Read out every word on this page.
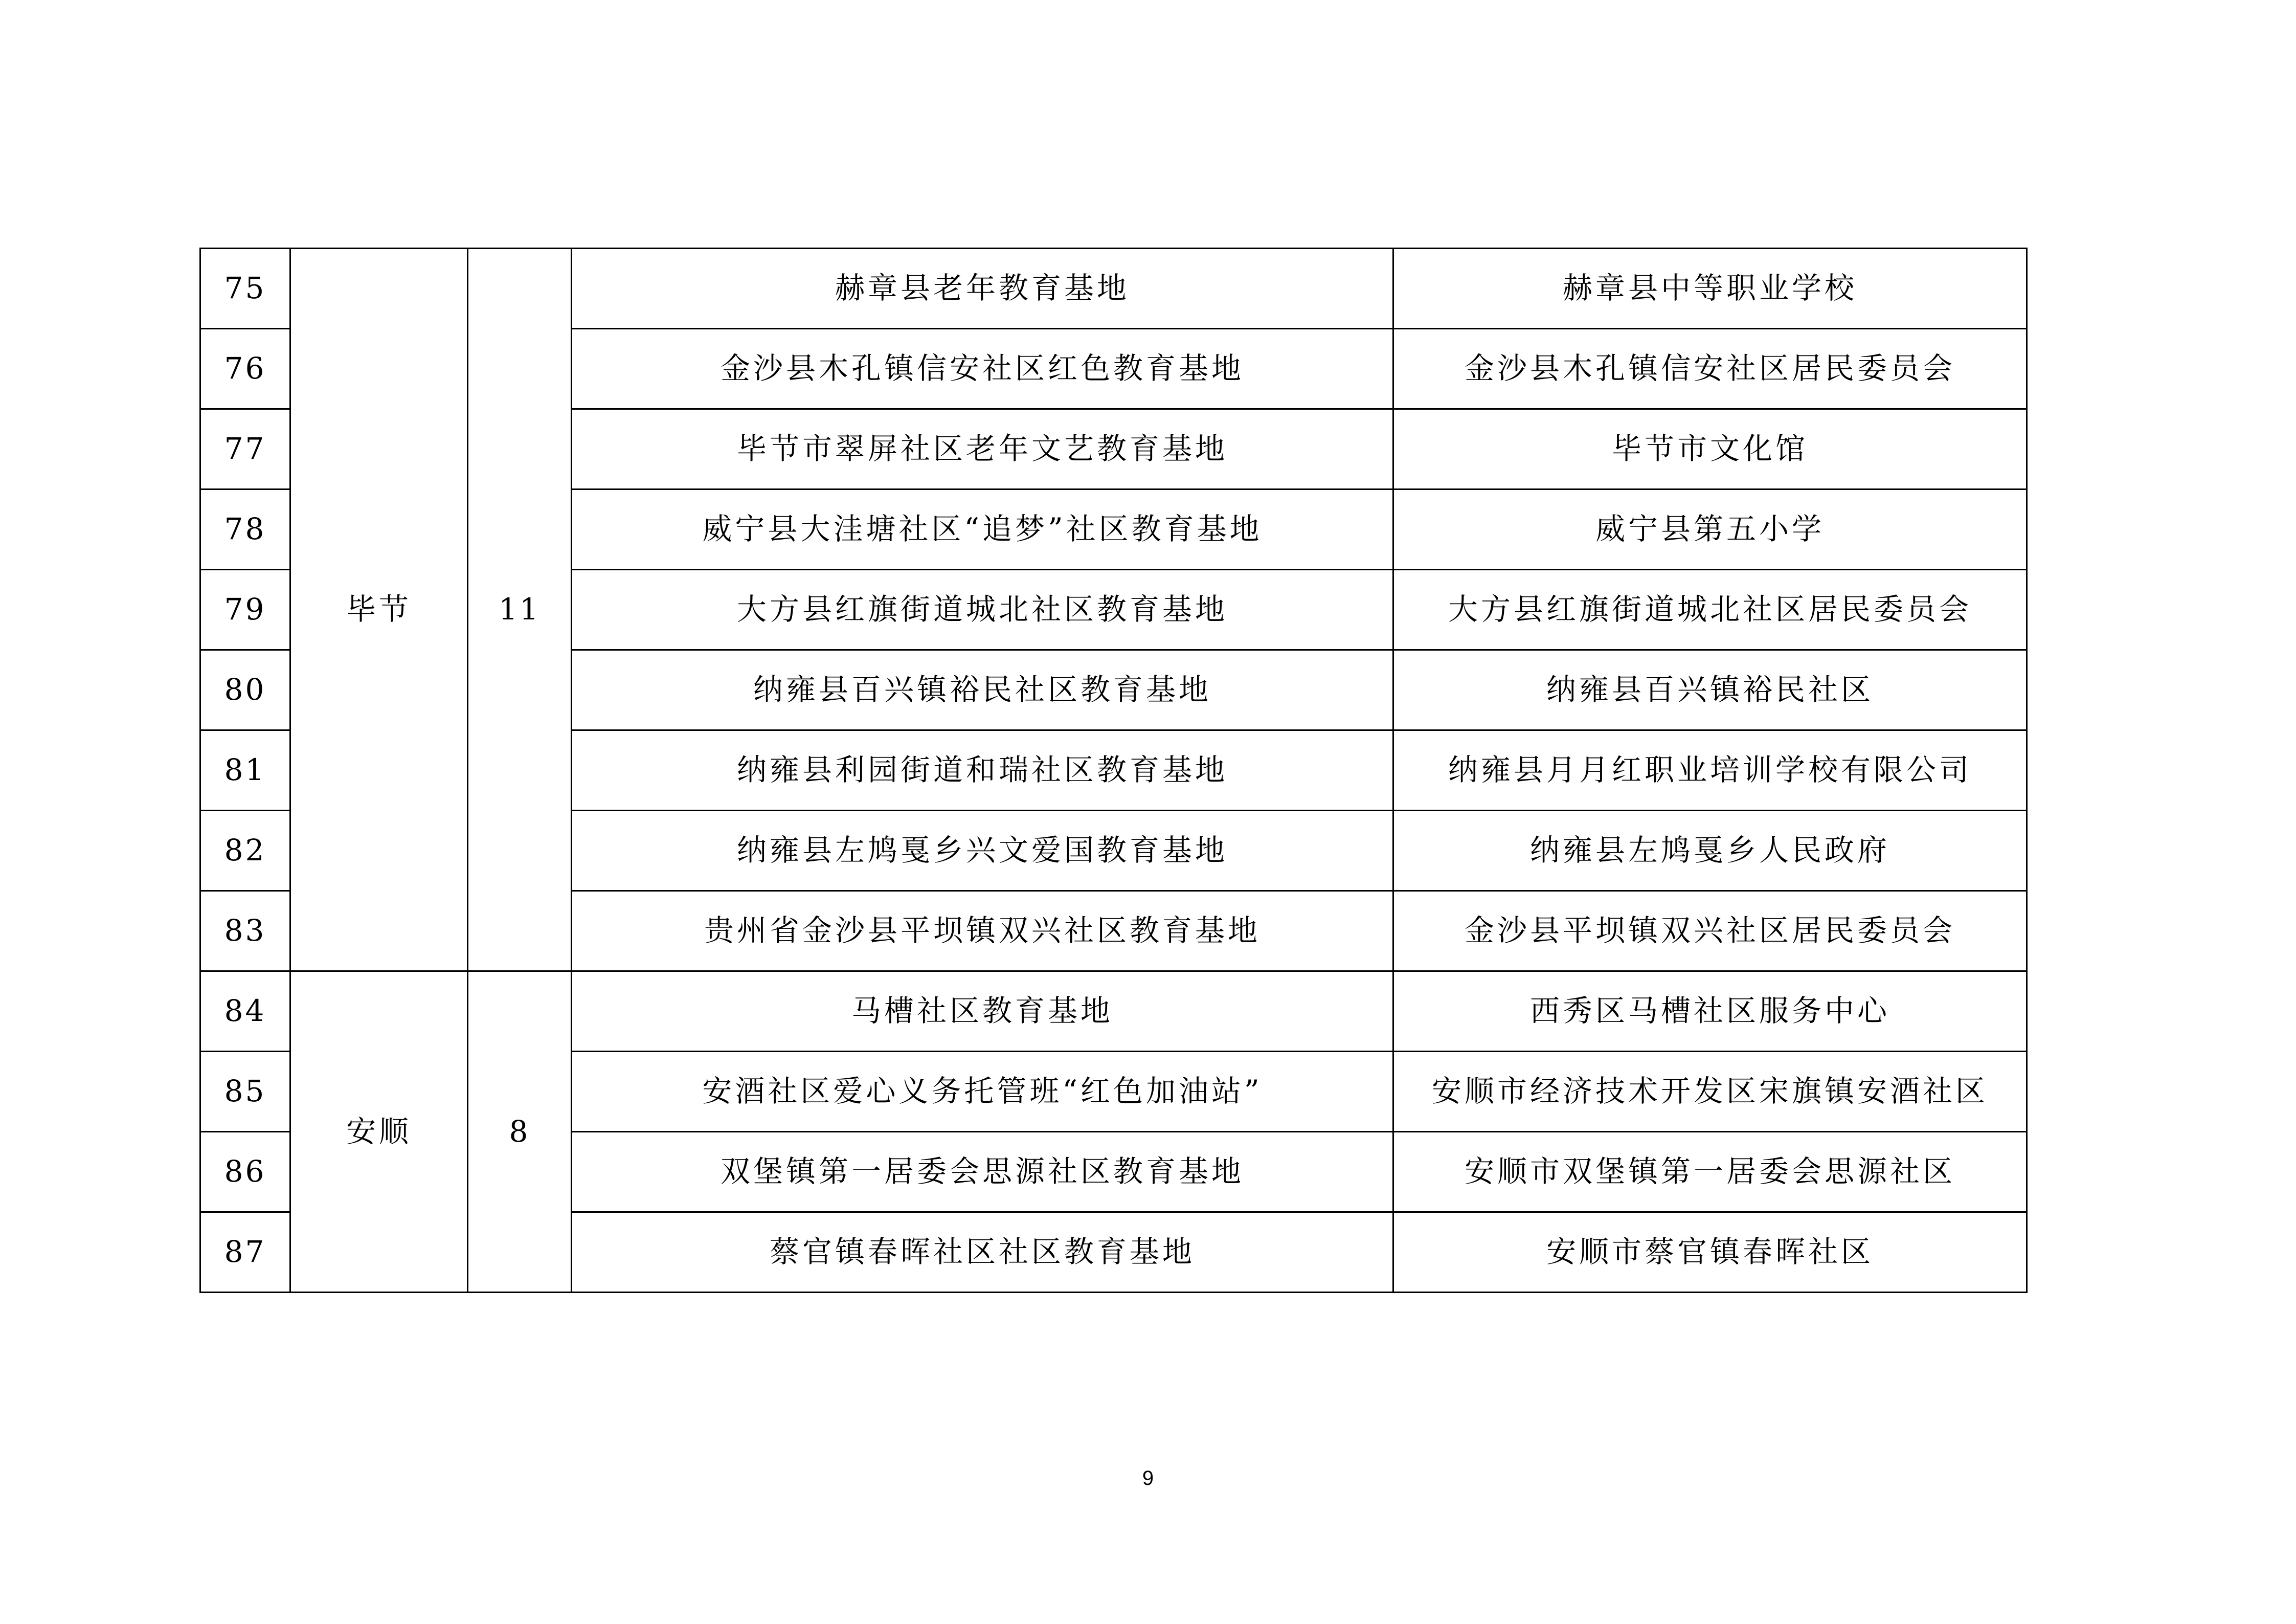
75	毕节	11	赫章县老年教育基地	赫章县中等职业学校
76			金沙县木孔镇信安社区红色教育基地	金沙县木孔镇信安社区居民委员会
77			毕节市翠屏社区老年文艺教育基地	毕节市文化馆
78			威宁县大洼塘社区“追梦”社区教育基地	威宁县第五小学
79			大方县红旗街道城北社区教育基地	大方县红旗街道城北社区居民委员会
80			纳雍县百兴镇裕民社区教育基地	纳雍县百兴镇裕民社区
81			纳雍县利园街道和瑞社区教育基地	纳雍县月月红职业培训学校有限公司
82			纳雍县左鸠戛乡兴文爱国教育基地	纳雍县左鸠戛乡人民政府
83			贵州省金沙县平坝镇双兴社区教育基地	金沙县平坝镇双兴社区居民委员会
84	安顺	8	马槽社区教育基地	西秀区马槽社区服务中心
85			安酒社区爱心义务托管班“红色加油站”	安顺市经济技术开发区宋旗镇安酒社区
86			双堡镇第一居委会思源社区教育基地	安顺市双堡镇第一居委会思源社区
87			蔡官镇春晖社区社区教育基地	安顺市蔡官镇春晖社区
9
